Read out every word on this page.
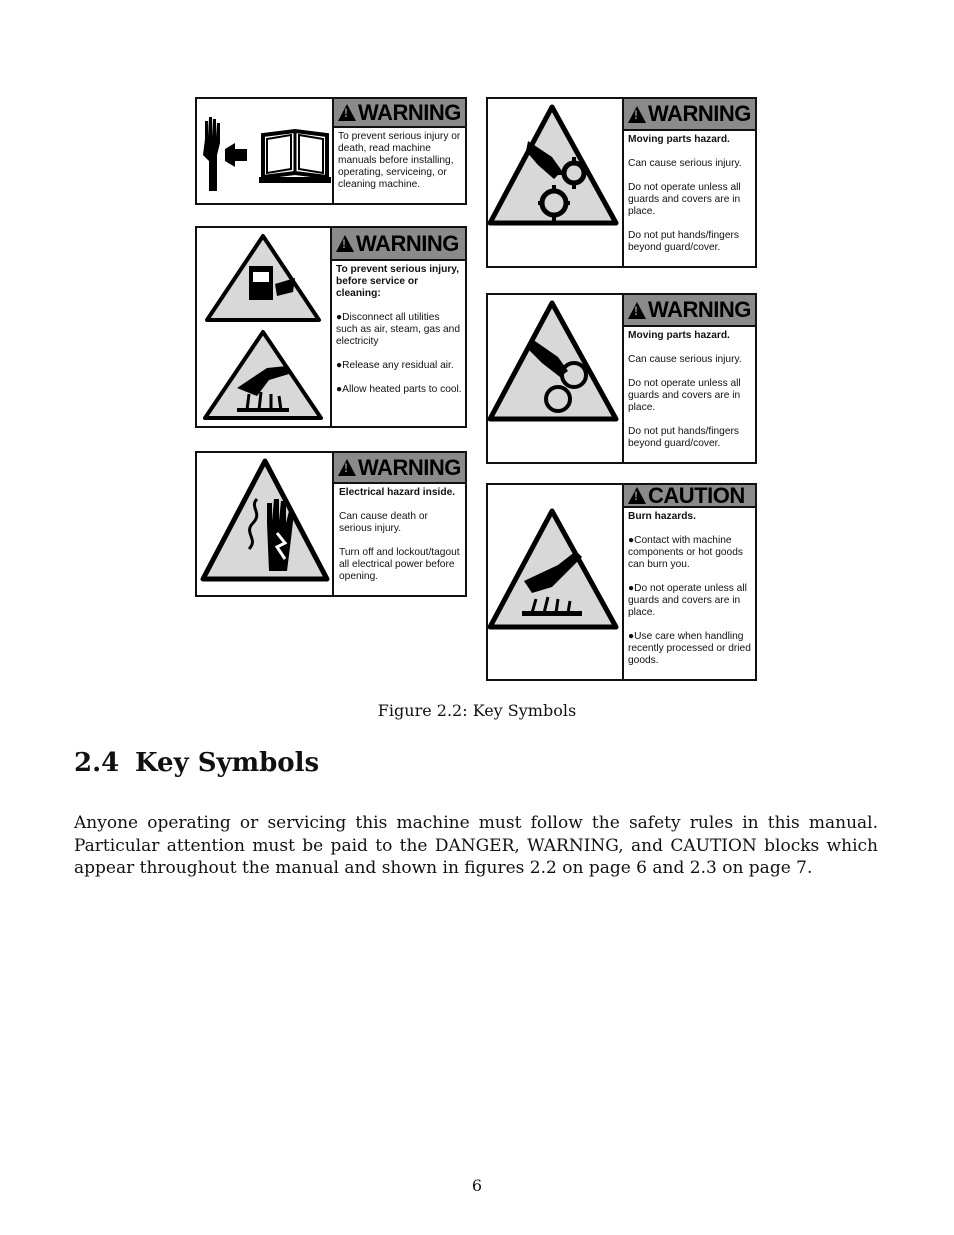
!
WARNING

To prevent serious injury or death, read machine manuals before installing, operating, serviceing, or cleaning machine.

!
WARNING

To prevent serious injury, before service or cleaning:

●Disconnect all utilities such as air, steam, gas and electricity

●Release any residual air.

●Allow heated parts to cool.

!
WARNING

Electrical hazard inside.

Can cause death or serious injury.

Turn off and lockout/tagout all electrical power before opening.

!
WARNING

Moving parts hazard.

Can cause serious injury.

Do not operate unless all guards and covers are in place.

Do not put hands/fingers beyond guard/cover.

!
WARNING

Moving parts hazard.

Can cause serious injury.

Do not operate unless all guards and covers are in place.

Do not put hands/fingers beyond guard/cover.

!
CAUTION

Burn hazards.

●Contact with machine components or hot goods can burn you.

●Do not operate unless all guards and covers are in place.

●Use care when handling recently processed or dried goods.

Figure 2.2: Key Symbols
2.4 Key Symbols

Anyone operating or servicing this machine must follow the safety rules in this manual. Particular attention must be paid to the DANGER, WARNING, and CAUTION blocks which appear throughout the manual and shown in figures 2.2 on page 6 and 2.3 on page 7.

6
